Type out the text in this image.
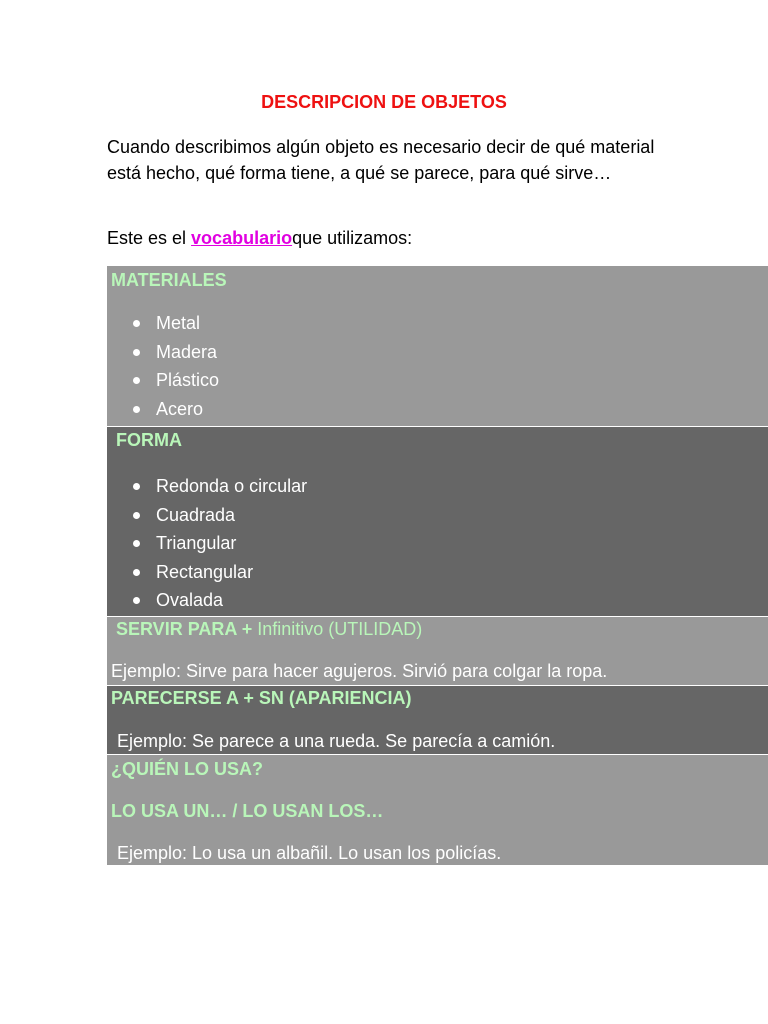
DESCRIPCION DE OBJETOS

Cuando describimos algún objeto es necesario decir de qué material está hecho, qué forma tiene, a qué se parece, para qué sirve…

Este es el vocabularioque utilizamos:

MATERIALES
Metal
Madera
Plástico
Acero
FORMA
Redonda o circular
Cuadrada
Triangular
Rectangular
Ovalada
SERVIR PARA + Infinitivo (UTILIDAD)
Ejemplo: Sirve para hacer agujeros. Sirvió para colgar la ropa.
PARECERSE A + SN (APARIENCIA)
Ejemplo: Se parece a una rueda. Se parecía a camión.
¿QUIÉN LO USA?
LO USA UN… / LO USAN LOS…
Ejemplo: Lo usa un albañil. Lo usan los policías.
